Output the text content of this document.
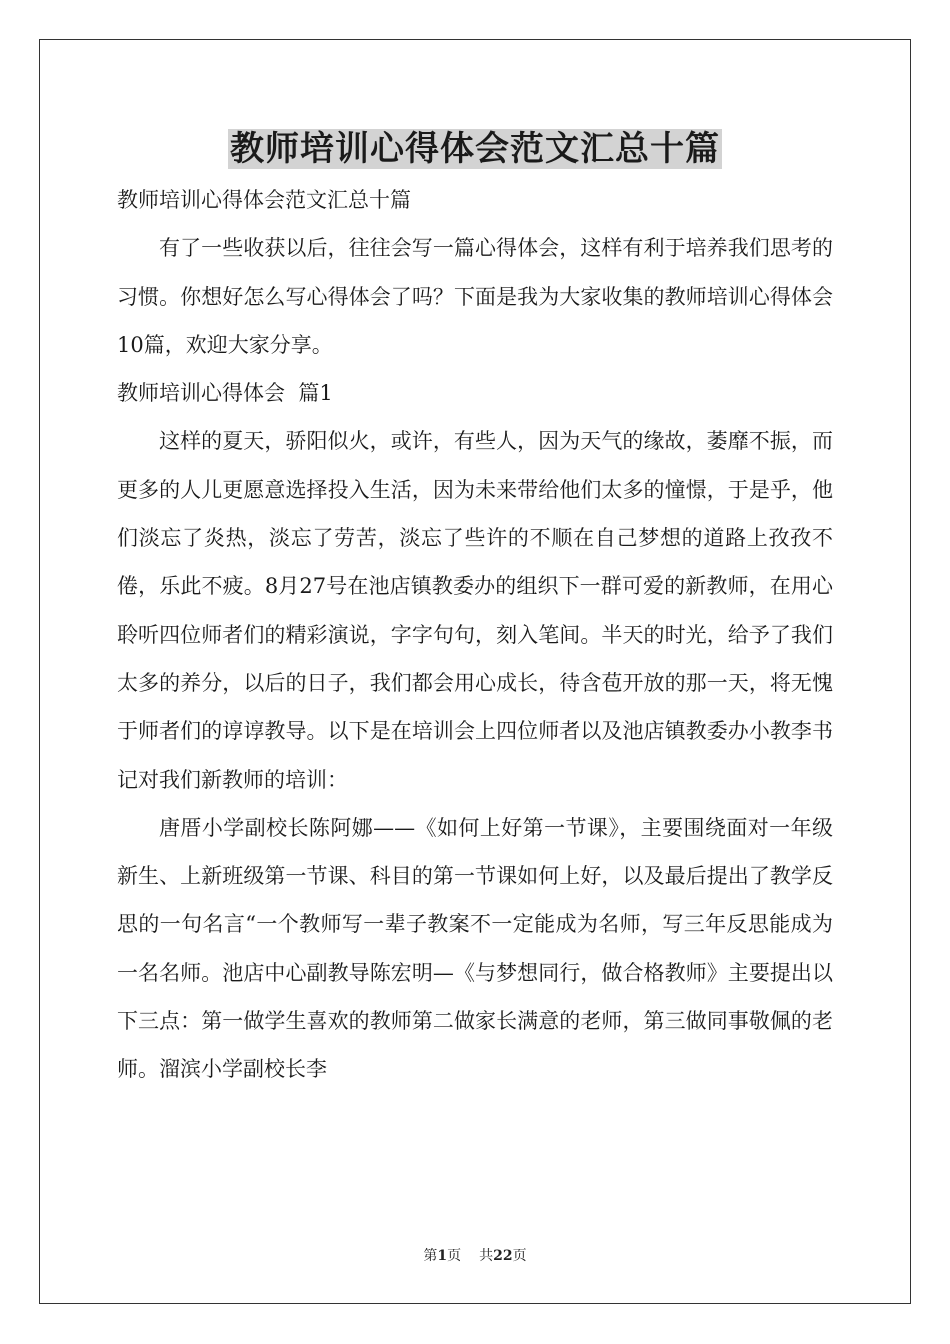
教师培训心得体会范文汇总十篇

教师培训心得体会范文汇总十篇

有了一些收获以后，往往会写一篇心得体会，这样有利于培养我们思考的习惯。你想好怎么写心得体会了吗？下面是我为大家收集的教师培训心得体会10篇，欢迎大家分享。

教师培训心得体会  篇1

这样的夏天，骄阳似火，或许，有些人，因为天气的缘故，萎靡不振，而更多的人儿更愿意选择投入生活，因为未来带给他们太多的憧憬，于是乎，他们淡忘了炎热，淡忘了劳苦，淡忘了些许的不顺在自己梦想的道路上孜孜不倦，乐此不疲。8月27号在池店镇教委办的组织下一群可爱的新教师，在用心聆听四位师者们的精彩演说，字字句句，刻入笔间。半天的时光，给予了我们太多的养分，以后的日子，我们都会用心成长，待含苞开放的那一天，将无愧于师者们的谆谆教导。以下是在培训会上四位师者以及池店镇教委办小教李书记对我们新教师的培训：

唐厝小学副校长陈阿娜——《如何上好第一节课》，主要围绕面对一年级新生、上新班级第一节课、科目的第一节课如何上好，以及最后提出了教学反思的一句名言“一个教师写一辈子教案不一定能成为名师，写三年反思能成为一名名师。池店中心副教导陈宏明—《与梦想同行，做合格教师》主要提出以下三点：第一做学生喜欢的教师第二做家长满意的老师，第三做同事敬佩的老师。溜滨小学副校长李

第1页 共22页
